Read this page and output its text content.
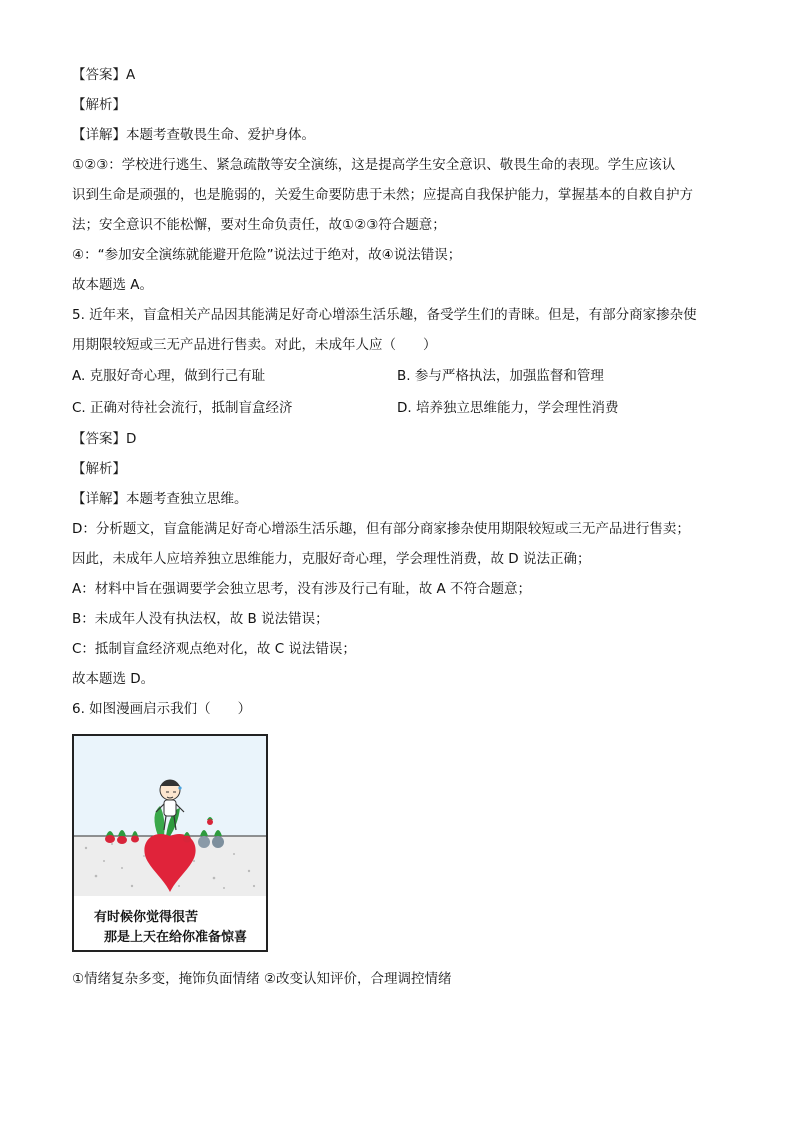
【答案】A
【解析】
【详解】本题考查敬畏生命、爱护身体。
①②③：学校进行逃生、紧急疏散等安全演练，这是提高学生安全意识、敬畏生命的表现。学生应该认
识到生命是顽强的，也是脆弱的，关爱生命要防患于未然；应提高自我保护能力，掌握基本的自救自护方
法；安全意识不能松懈，要对生命负责任，故①②③符合题意；
④：“参加安全演练就能避开危险”说法过于绝对，故④说法错误；
故本题选 A。
5. 近年来，盲盒相关产品因其能满足好奇心增添生活乐趣，备受学生们的青睐。但是，有部分商家掺杂使
用期限较短或三无产品进行售卖。对此，未成年人应（　　）
A. 克服好奇心理，做到行己有耻	B. 参与严格执法，加强监督和管理
C. 正确对待社会流行，抵制盲盒经济	D. 培养独立思维能力，学会理性消费
【答案】D
【解析】
【详解】本题考查独立思维。
D：分析题文，盲盒能满足好奇心增添生活乐趣，但有部分商家掺杂使用期限较短或三无产品进行售卖；
因此，未成年人应培养独立思维能力，克服好奇心理，学会理性消费，故 D 说法正确；
A：材料中旨在强调要学会独立思考，没有涉及行己有耻，故 A 不符合题意；
B：未成年人没有执法权，故 B 说法错误；
C：抵制盲盒经济观点绝对化，故 C 说法错误；
故本题选 D。
6. 如图漫画启示我们（　　）
有时候你觉得很苦
那是上天在给你准备惊喜
①情绪复杂多变，掩饰负面情绪 ②改变认知评价，合理调控情绪
